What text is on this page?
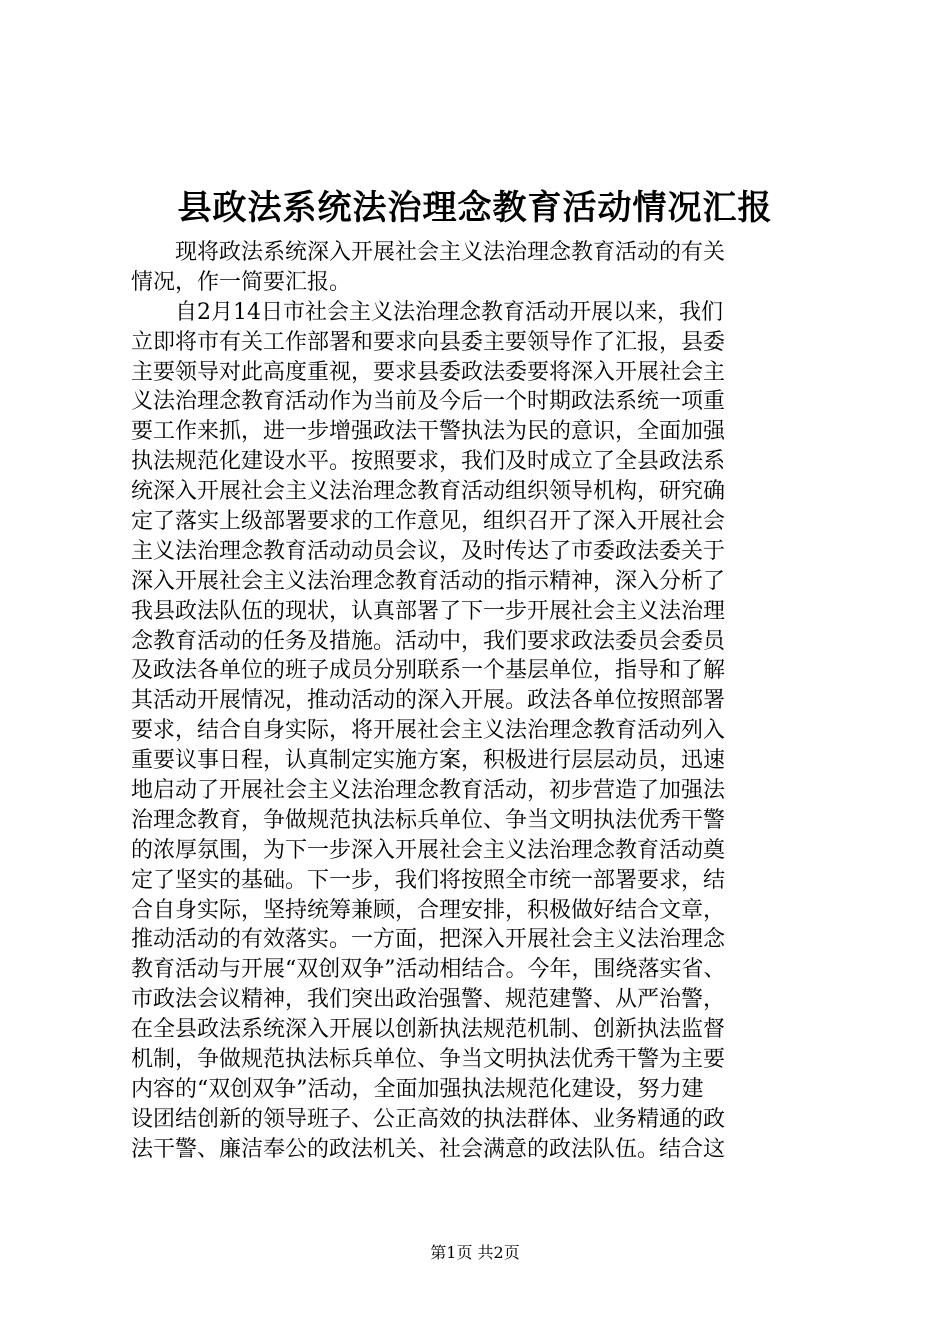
县政法系统法治理念教育活动情况汇报
现将政法系统深入开展社会主义法治理念教育活动的有关
情况，作一简要汇报。
自2月14日市社会主义法治理念教育活动开展以来，我们
立即将市有关工作部署和要求向县委主要领导作了汇报，县委
主要领导对此高度重视，要求县委政法委要将深入开展社会主
义法治理念教育活动作为当前及今后一个时期政法系统一项重
要工作来抓，进一步增强政法干警执法为民的意识，全面加强
执法规范化建设水平。按照要求，我们及时成立了全县政法系
统深入开展社会主义法治理念教育活动组织领导机构，研究确
定了落实上级部署要求的工作意见，组织召开了深入开展社会
主义法治理念教育活动动员会议，及时传达了市委政法委关于
深入开展社会主义法治理念教育活动的指示精神，深入分析了
我县政法队伍的现状，认真部署了下一步开展社会主义法治理
念教育活动的任务及措施。活动中，我们要求政法委员会委员
及政法各单位的班子成员分别联系一个基层单位，指导和了解
其活动开展情况，推动活动的深入开展。政法各单位按照部署
要求，结合自身实际，将开展社会主义法治理念教育活动列入
重要议事日程，认真制定实施方案，积极进行层层动员，迅速
地启动了开展社会主义法治理念教育活动，初步营造了加强法
治理念教育，争做规范执法标兵单位、争当文明执法优秀干警
的浓厚氛围，为下一步深入开展社会主义法治理念教育活动奠
定了坚实的基础。下一步，我们将按照全市统一部署要求，结
合自身实际，坚持统筹兼顾，合理安排，积极做好结合文章，
推动活动的有效落实。一方面，把深入开展社会主义法治理念
教育活动与开展“双创双争”活动相结合。今年，围绕落实省、
市政法会议精神，我们突出政治强警、规范建警、从严治警，
在全县政法系统深入开展以创新执法规范机制、创新执法监督
机制，争做规范执法标兵单位、争当文明执法优秀干警为主要
内容的“双创双争”活动，全面加强执法规范化建设，努力建
设团结创新的领导班子、公正高效的执法群体、业务精通的政
法干警、廉洁奉公的政法机关、社会满意的政法队伍。结合这
第1页 共2页
